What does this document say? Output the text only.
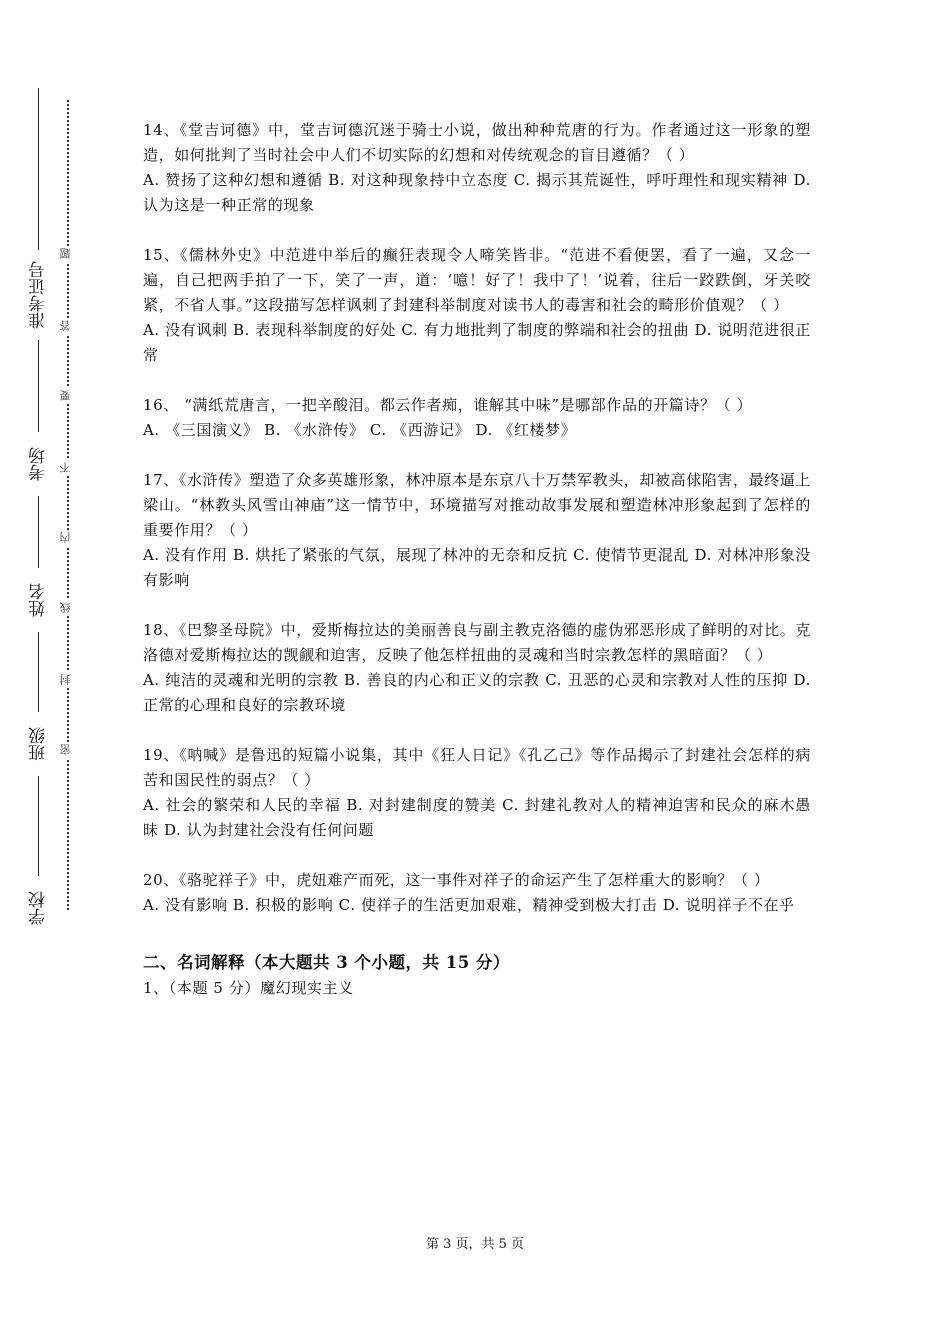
学校
班级
姓名
考场
准考证号
密
封
线
内
不
要
答
题

14、《堂吉诃德》中，堂吉诃德沉迷于骑士小说，做出种种荒唐的行为。作者通过这一形象的塑造，如何批判了当时社会中人们不切实际的幻想和对传统观念的盲目遵循？（ ）

A. 赞扬了这种幻想和遵循 B. 对这种现象持中立态度 C. 揭示其荒诞性，呼吁理性和现实精神 D. 认为这是一种正常的现象

15、《儒林外史》中范进中举后的癫狂表现令人啼笑皆非。“范进不看便罢，看了一遍，又念一遍，自己把两手拍了一下，笑了一声，道：‘噫！好了！我中了！’说着，往后一跤跌倒，牙关咬紧，不省人事。”这段描写怎样讽刺了封建科举制度对读书人的毒害和社会的畸形价值观？（ ）

A. 没有讽刺 B. 表现科举制度的好处 C. 有力地批判了制度的弊端和社会的扭曲 D. 说明范进很正常

16、 “满纸荒唐言，一把辛酸泪。都云作者痴，谁解其中味”是哪部作品的开篇诗？（ ）

A. 《三国演义》 B. 《水浒传》 C. 《西游记》 D. 《红楼梦》

17、《水浒传》塑造了众多英雄形象，林冲原本是东京八十万禁军教头，却被高俅陷害，最终逼上梁山。“林教头风雪山神庙”这一情节中，环境描写对推动故事发展和塑造林冲形象起到了怎样的重要作用？（ ）

A. 没有作用 B. 烘托了紧张的气氛，展现了林冲的无奈和反抗 C. 使情节更混乱 D. 对林冲形象没有影响

18、《巴黎圣母院》中，爱斯梅拉达的美丽善良与副主教克洛德的虚伪邪恶形成了鲜明的对比。克洛德对爱斯梅拉达的觊觎和迫害，反映了他怎样扭曲的灵魂和当时宗教怎样的黑暗面？（ ）

A. 纯洁的灵魂和光明的宗教 B. 善良的内心和正义的宗教 C. 丑恶的心灵和宗教对人性的压抑 D. 正常的心理和良好的宗教环境

19、《呐喊》是鲁迅的短篇小说集，其中《狂人日记》《孔乙己》等作品揭示了封建社会怎样的病苦和国民性的弱点？（ ）

A. 社会的繁荣和人民的幸福 B. 对封建制度的赞美 C. 封建礼教对人的精神迫害和民众的麻木愚昧 D. 认为封建社会没有任何问题

20、《骆驼祥子》中，虎妞难产而死，这一事件对祥子的命运产生了怎样重大的影响？（ ）

A. 没有影响 B. 积极的影响 C. 使祥子的生活更加艰难，精神受到极大打击 D. 说明祥子不在乎

二、名词解释（本大题共 3 个小题，共 15 分）

1、（本题 5 分）魔幻现实主义

第 3 页，共 5 页
